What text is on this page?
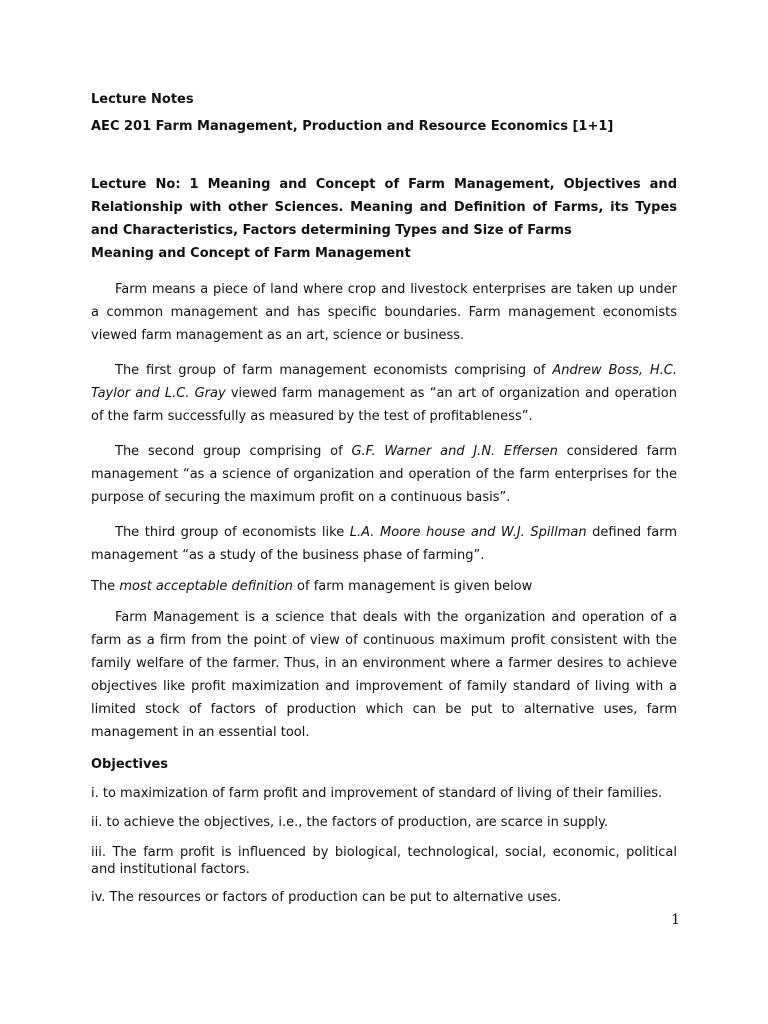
Lecture Notes

AEC 201 Farm Management, Production and Resource Economics [1+1]

Lecture No: 1 Meaning and Concept of Farm Management, Objectives and Relationship with other Sciences. Meaning and Definition of Farms, its Types and Characteristics, Factors determining Types and Size of Farms

Meaning and Concept of Farm Management

Farm means a piece of land where crop and livestock enterprises are taken up under a common management and has specific boundaries. Farm management economists viewed farm management as an art, science or business.

The first group of farm management economists comprising of Andrew Boss, H.C. Taylor and L.C. Gray viewed farm management as “an art of organization and operation of the farm successfully as measured by the test of profitableness”.

The second group comprising of G.F. Warner and J.N. Effersen considered farm management “as a science of organization and operation of the farm enterprises for the purpose of securing the maximum profit on a continuous basis”.

The third group of economists like L.A. Moore house and W.J. Spillman defined farm management “as a study of the business phase of farming”.

The most acceptable definition of farm management is given below

Farm Management is a science that deals with the organization and operation of a farm as a firm from the point of view of continuous maximum profit consistent with the family welfare of the farmer. Thus, in an environment where a farmer desires to achieve objectives like profit maximization and improvement of family standard of living with a limited stock of factors of production which can be put to alternative uses, farm management in an essential tool.

Objectives

i. to maximization of farm profit and improvement of standard of living of their families.

ii. to achieve the objectives, i.e., the factors of production, are scarce in supply.

iii. The farm profit is influenced by biological, technological, social, economic, political and institutional factors.

iv. The resources or factors of production can be put to alternative uses.

1
